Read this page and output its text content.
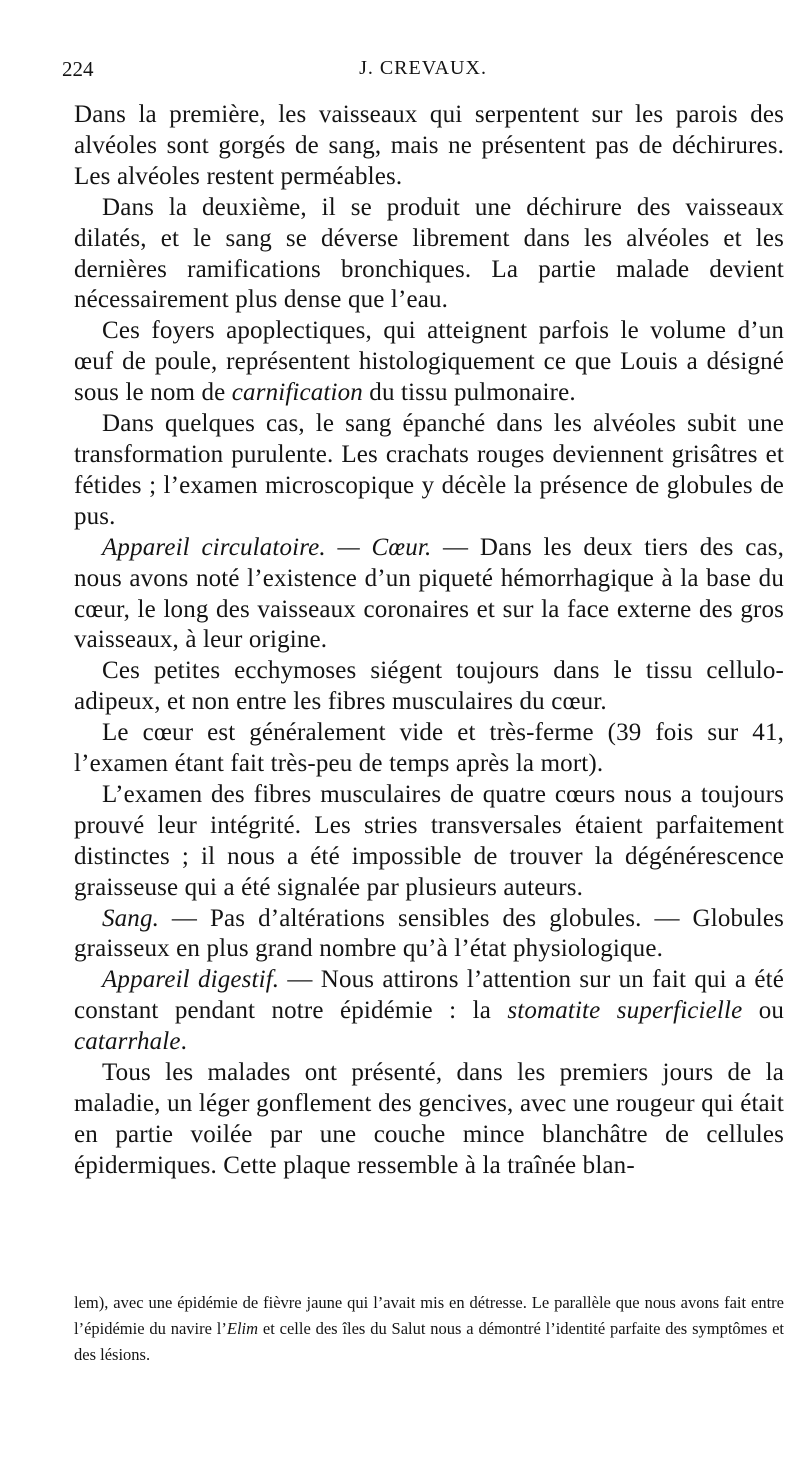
224	J. CREVAUX.

Dans la première, les vaisseaux qui serpentent sur les parois des alvéoles sont gorgés de sang, mais ne présentent pas de déchirures. Les alvéoles restent perméables.

Dans la deuxième, il se produit une déchirure des vaisseaux dilatés, et le sang se déverse librement dans les alvéoles et les dernières ramifications bronchiques. La partie malade devient nécessairement plus dense que l’eau.

Ces foyers apoplectiques, qui atteignent parfois le volume d’un œuf de poule, représentent histologiquement ce que Louis a désigné sous le nom de carnification du tissu pulmonaire.

Dans quelques cas, le sang épanché dans les alvéoles subit une transformation purulente. Les crachats rouges deviennent grisâtres et fétides ; l’examen microscopique y décèle la présence de globules de pus.

Appareil circulatoire. — Cœur. — Dans les deux tiers des cas, nous avons noté l’existence d’un piqueté hémorrhagique à la base du cœur, le long des vaisseaux coronaires et sur la face externe des gros vaisseaux, à leur origine.

Ces petites ecchymoses siégent toujours dans le tissu cellulo-adipeux, et non entre les fibres musculaires du cœur.

Le cœur est généralement vide et très-ferme (39 fois sur 41, l’examen étant fait très-peu de temps après la mort).

L’examen des fibres musculaires de quatre cœurs nous a toujours prouvé leur intégrité. Les stries transversales étaient parfaitement distinctes ; il nous a été impossible de trouver la dégénérescence graisseuse qui a été signalée par plusieurs auteurs.

Sang. — Pas d’altérations sensibles des globules. — Globules graisseux en plus grand nombre qu’à l’état physiologique.

Appareil digestif. — Nous attirons l’attention sur un fait qui a été constant pendant notre épidémie : la stomatite superficielle ou catarrhale.

Tous les malades ont présenté, dans les premiers jours de la maladie, un léger gonflement des gencives, avec une rougeur qui était en partie voilée par une couche mince blanchâtre de cellules épidermiques. Cette plaque ressemble à la traînée blan-

lem), avec une épidémie de fièvre jaune qui l’avait mis en détresse. Le parallèle que nous avons fait entre l’épidémie du navire l’Elim et celle des îles du Salut nous a démontré l’identité parfaite des symptômes et des lésions.
